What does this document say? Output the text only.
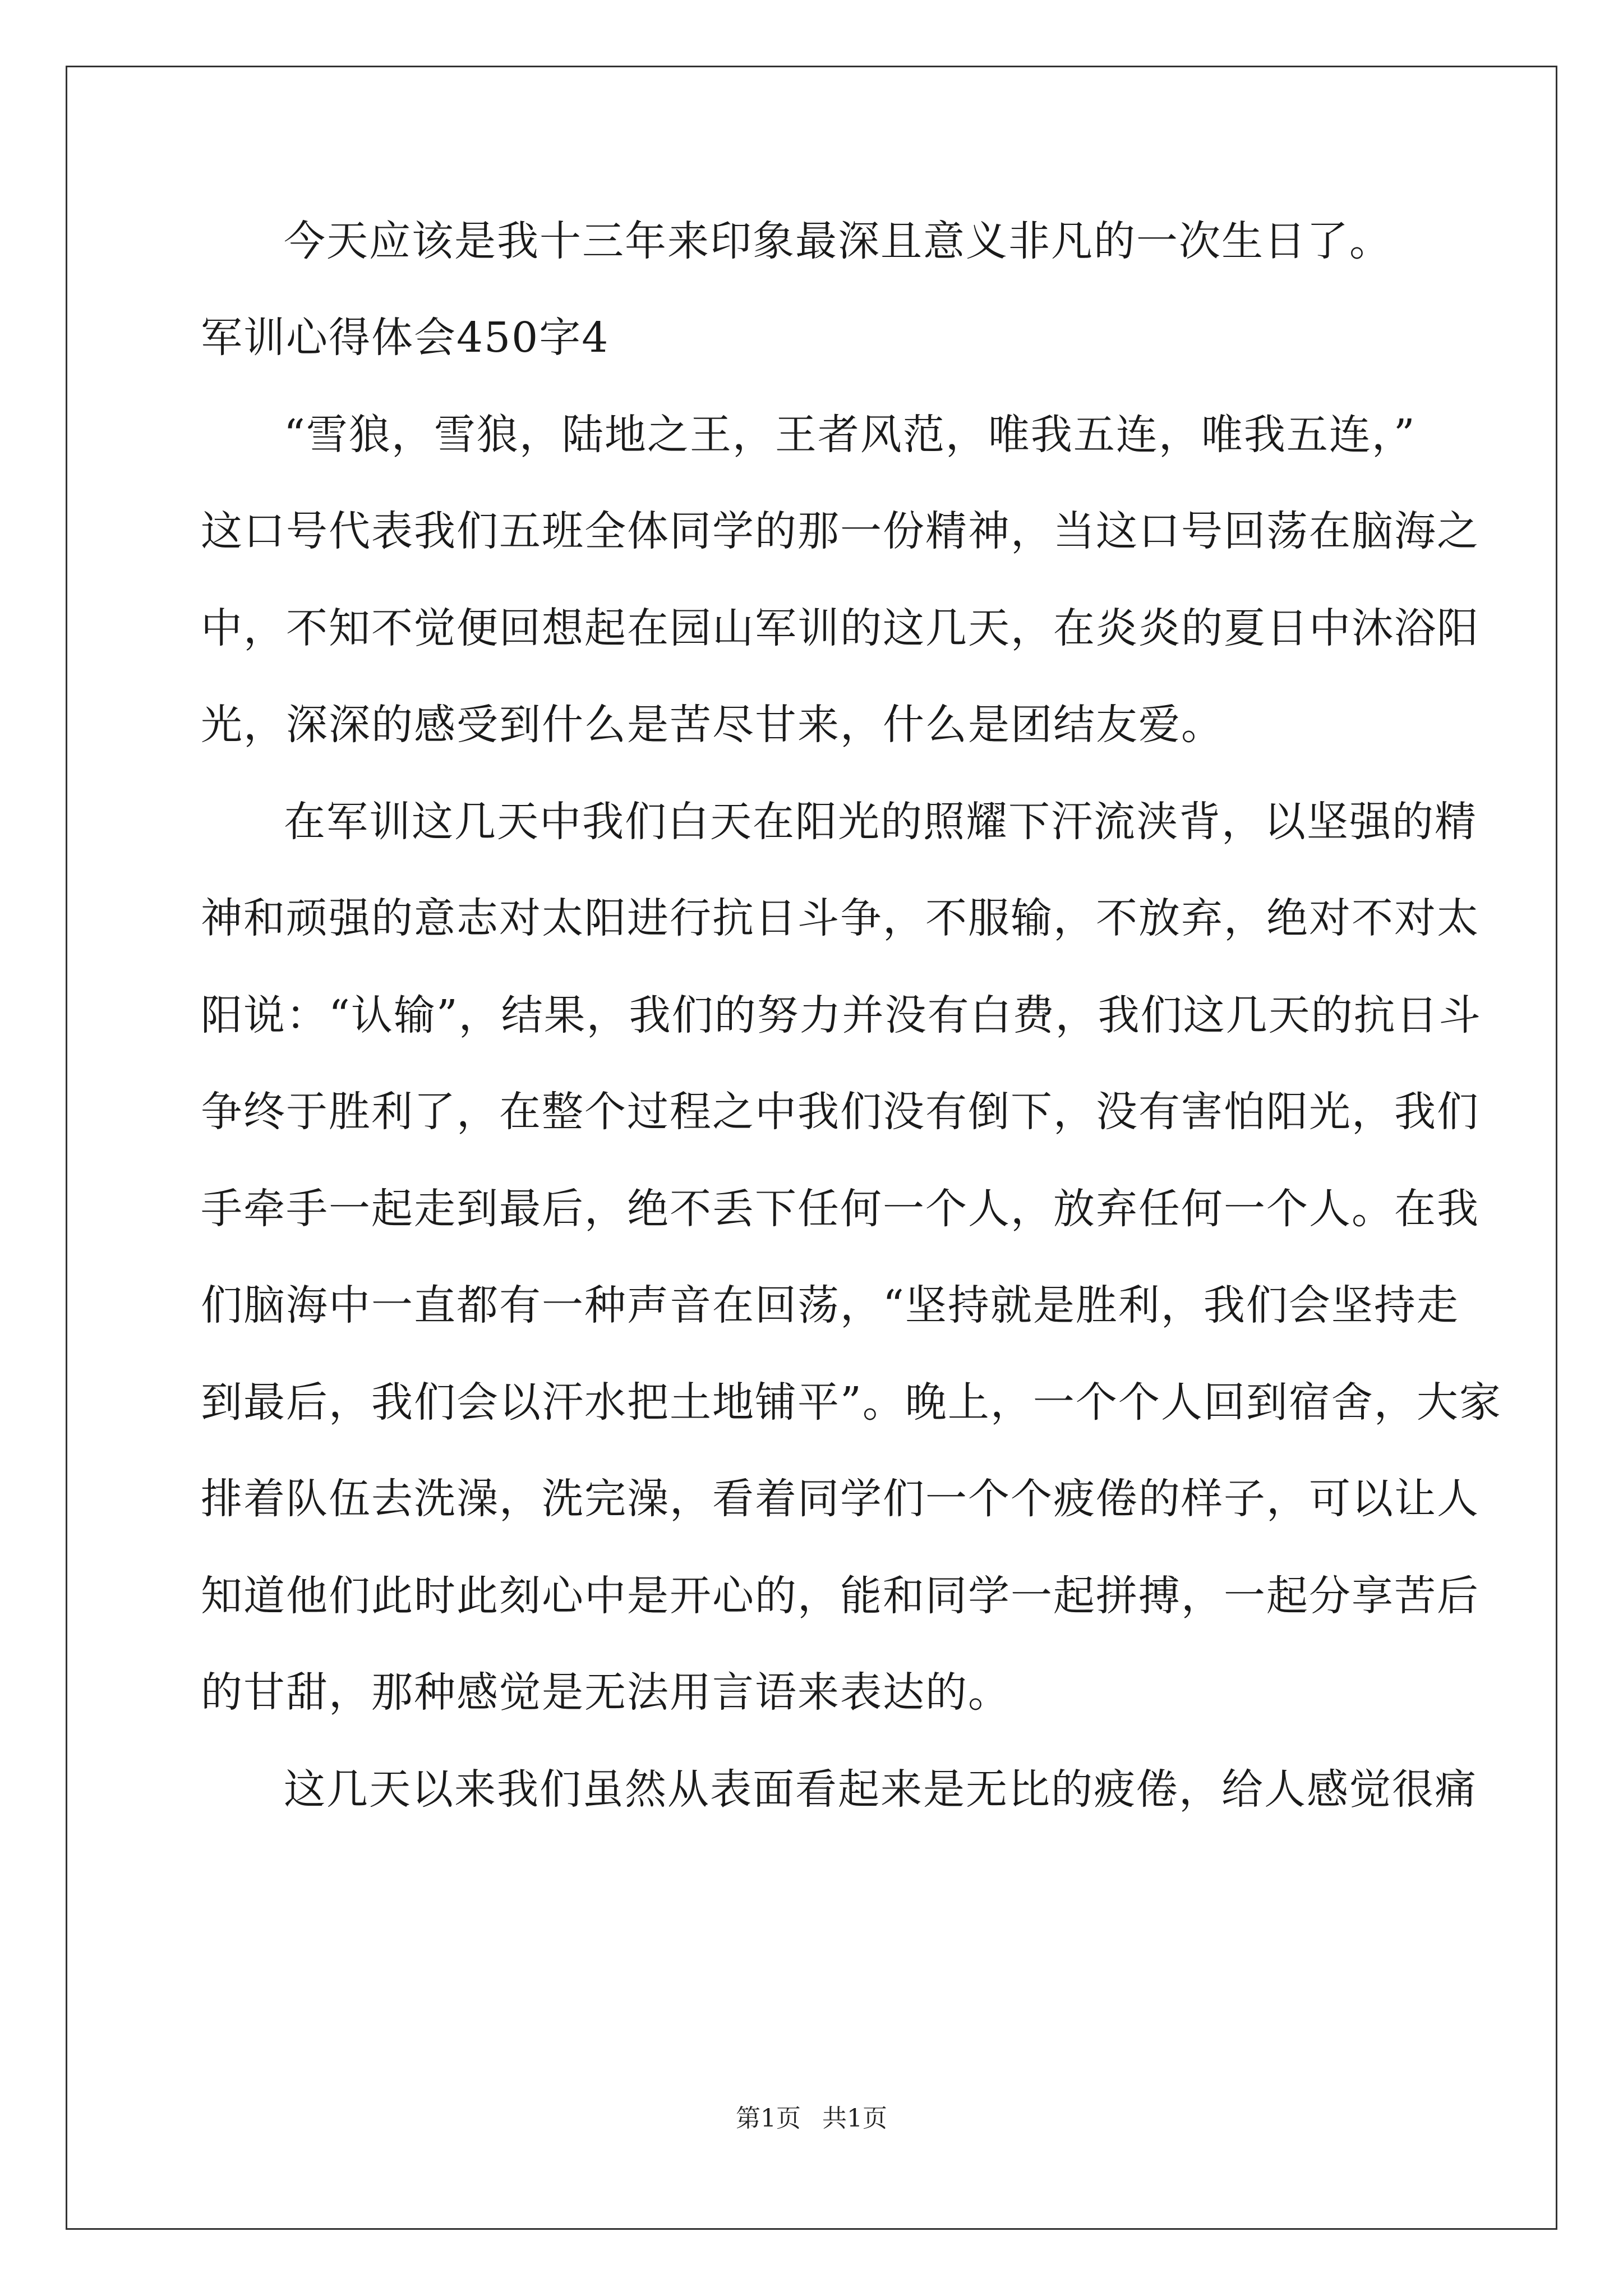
今天应该是我十三年来印象最深且意义非凡的一次生日了。
军训心得体会450字4
“雪狼，雪狼，陆地之王，王者风范，唯我五连，唯我五连，”
这口号代表我们五班全体同学的那一份精神，当这口号回荡在脑海之
中，不知不觉便回想起在园山军训的这几天，在炎炎的夏日中沐浴阳
光，深深的感受到什么是苦尽甘来，什么是团结友爱。
在军训这几天中我们白天在阳光的照耀下汗流浃背，以坚强的精
神和顽强的意志对太阳进行抗日斗争，不服输，不放弃，绝对不对太
阳说：“认输”，结果，我们的努力并没有白费，我们这几天的抗日斗
争终于胜利了，在整个过程之中我们没有倒下，没有害怕阳光，我们
手牵手一起走到最后，绝不丢下任何一个人，放弃任何一个人。在我
们脑海中一直都有一种声音在回荡，“坚持就是胜利，我们会坚持走
到最后，我们会以汗水把土地铺平”。晚上，一个个人回到宿舍，大家
排着队伍去洗澡，洗完澡，看着同学们一个个疲倦的样子，可以让人
知道他们此时此刻心中是开心的，能和同学一起拼搏，一起分享苦后
的甘甜，那种感觉是无法用言语来表达的。
这几天以来我们虽然从表面看起来是无比的疲倦，给人感觉很痛
第1页 共1页
